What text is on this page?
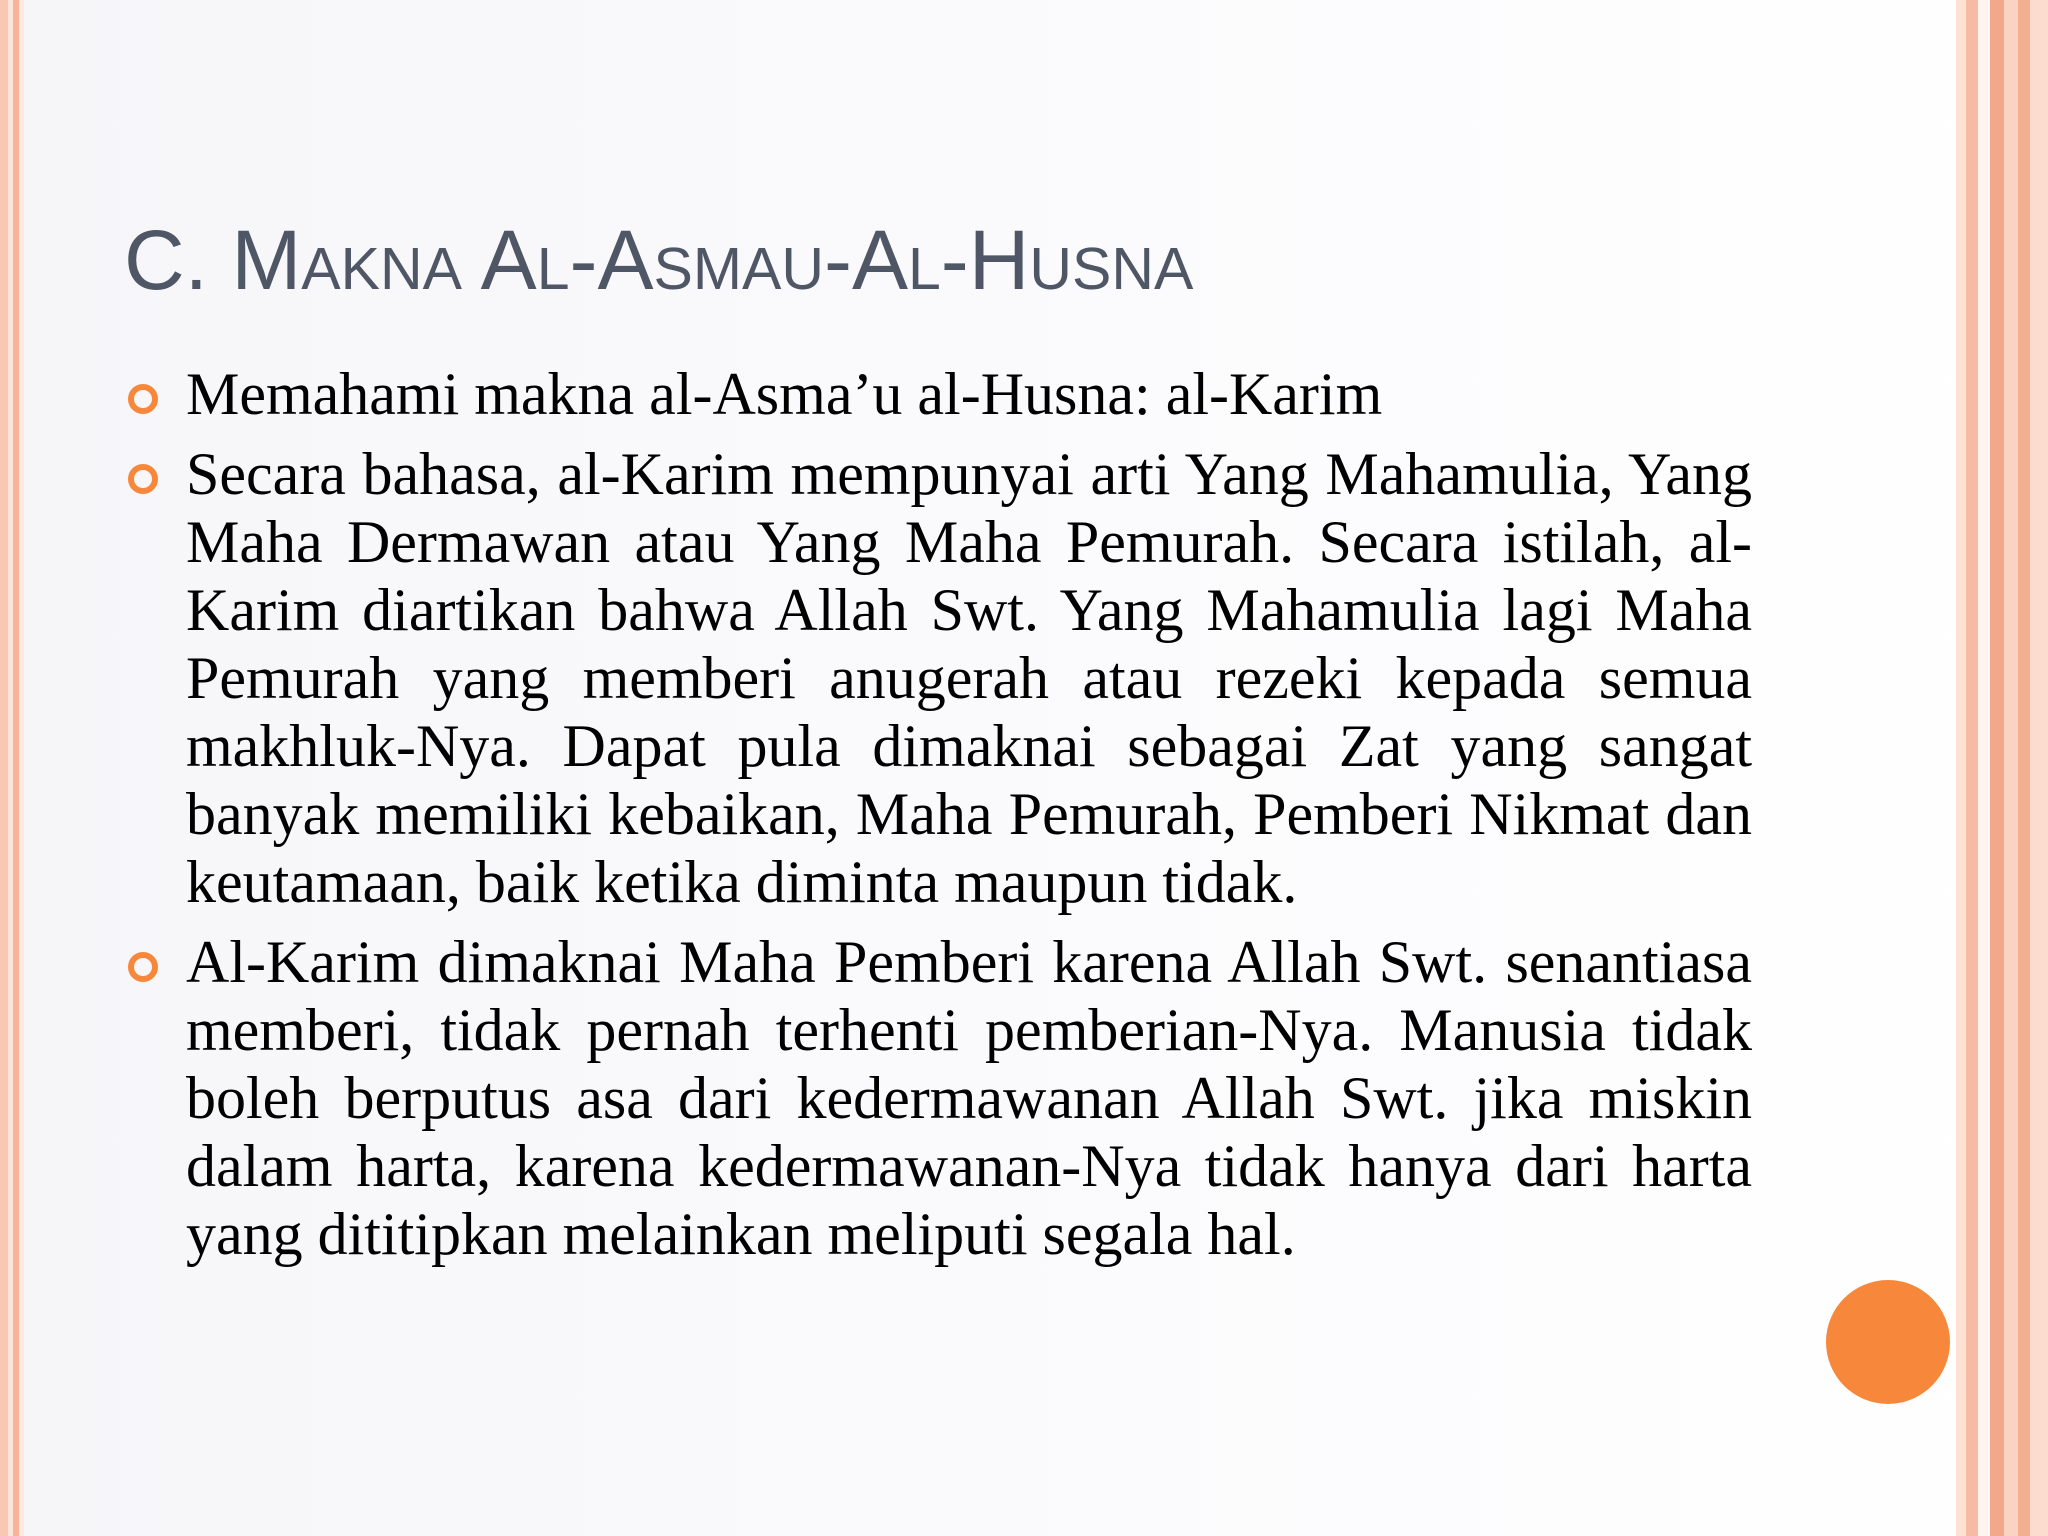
C. Makna Al-Asmau-Al-Husna

Memahami makna al-Asma’u al-Husna: al-Karim

Secara bahasa, al-Karim mempunyai arti Yang Mahamulia, Yang Maha Dermawan atau Yang Maha Pemurah. Secara istilah, al-Karim diartikan bahwa Allah Swt. Yang Mahamulia lagi Maha Pemurah yang memberi anugerah atau rezeki kepada semua makhluk-Nya. Dapat pula dimaknai sebagai Zat yang sangat banyak memiliki kebaikan, Maha Pemurah, Pemberi Nikmat dan keutamaan, baik ketika diminta maupun tidak.

Al-Karim dimaknai Maha Pemberi karena Allah Swt. senantiasa memberi, tidak pernah terhenti pemberian-Nya. Manusia tidak boleh berputus asa dari kedermawanan Allah Swt. jika miskin dalam harta, karena kedermawanan-Nya tidak hanya dari harta yang dititipkan melainkan meliputi segala hal.
